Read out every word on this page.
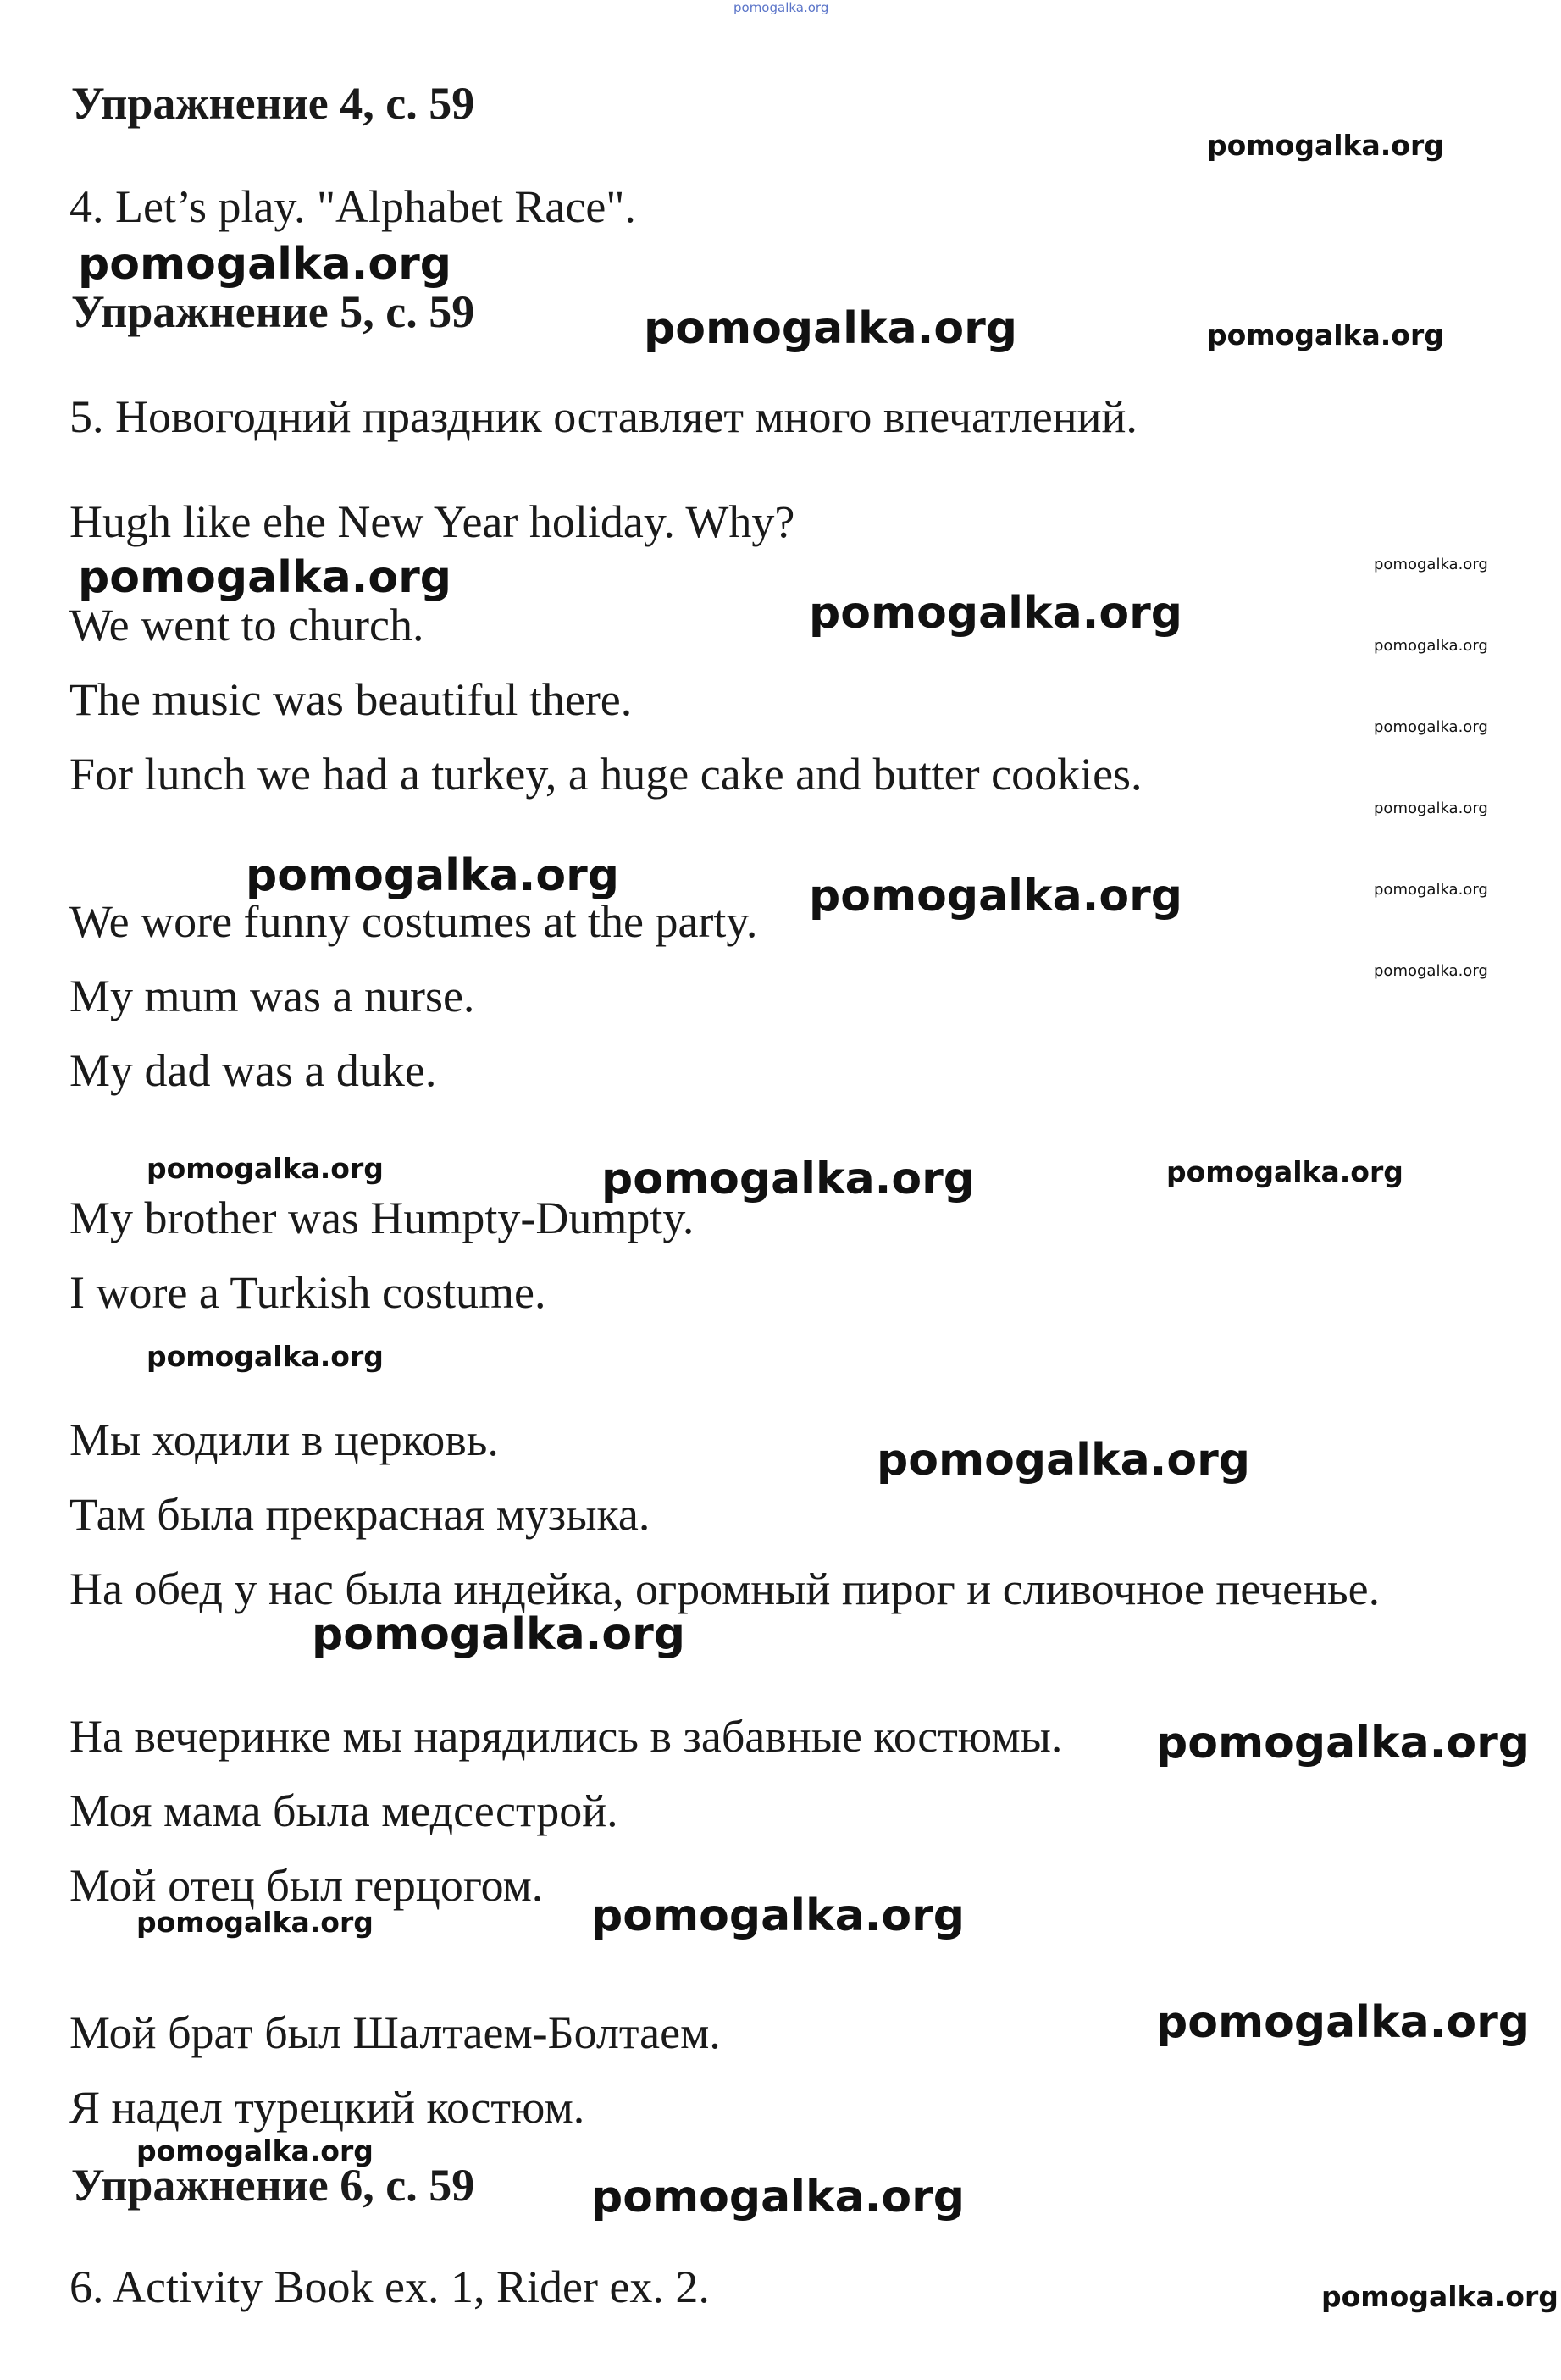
pomogalka.org
Упражнение 4, с. 59
pomogalka.org

4. Let’s play. "Alphabet Race".

pomogalka.org
Упражнение 5, с. 59	pomogalka.org	pomogalka.org

5. Новогодний праздник оставляет много впечатлений.

Hugh like ehe New Year holiday. Why?

pomogalka.org	pomogalka.org

We went to church.	pomogalka.org
pomogalka.org

The music was beautiful there.

pomogalka.org

For lunch we had a turkey, a huge cake and butter cookies.

pomogalka.org
pomogalka.org	pomogalka.org

We wore funny costumes at the party. pomogalka.org
pomogalka.org

My mum was a nurse.

My dad was a duke.

pomogalka.org	pomogalka.org	pomogalka.org

My brother was Humpty-Dumpty.

I wore a Turkish costume.

pomogalka.org

Мы ходили в церковь.	pomogalka.org

Там была прекрасная музыка.

На обед у нас была индейка, огромный пирог и сливочное печенье.

pomogalka.org

На вечеринке мы нарядились в забавные костюмы. pomogalka.org

Моя мама была медсестрой.

Мой отец был герцогом.

pomogalka.org	pomogalka.org
pomogalka.org

Мой брат был Шалтаем-Болтаем.

Я надел турецкий костюм.

pomogalka.org
Упражнение 6, с. 59	pomogalka.org

6. Activity Book ex. 1, Rider ex. 2.	pomogalka.org
